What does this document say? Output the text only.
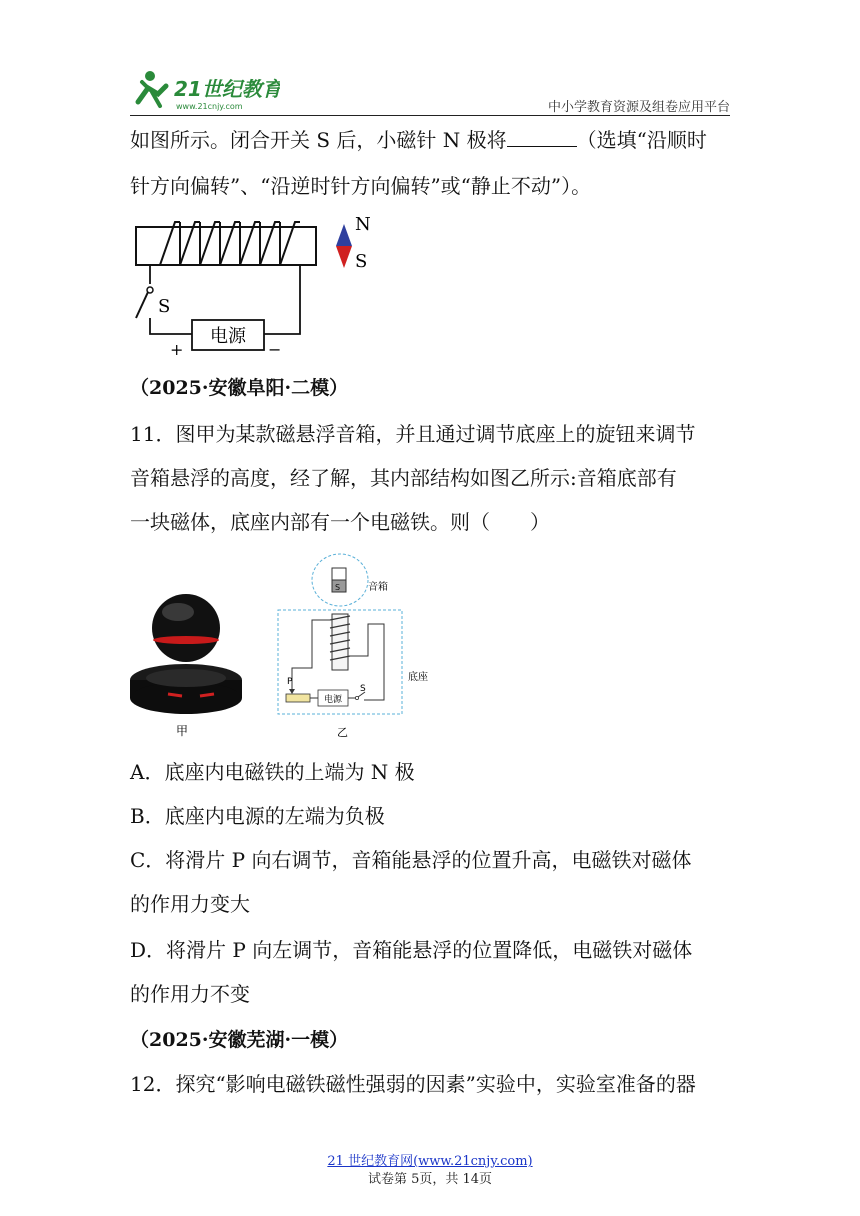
21世纪教育
www.21cnjy.com	中小学教育资源及组卷应用平台
如图所示。闭合开关 S 后，小磁针 N 极将	（选填“沿顺时
针方向偏转”、“沿逆时针方向偏转”或“静止不动”）。
电源
S
+	−
N
S
（2025·安徽阜阳·二模）
11．图甲为某款磁悬浮音箱，并且通过调节底座上的旋钮来调节
音箱悬浮的高度，经了解，其内部结构如图乙所示:音箱底部有
一块磁体，底座内部有一个电磁铁。则（　　）
甲
S	音箱
底座
P
电源
S
乙
A．底座内电磁铁的上端为 N 极
B．底座内电源的左端为负极
C．将滑片 P 向右调节，音箱能悬浮的位置升高，电磁铁对磁体
的作用力变大
D．将滑片 P 向左调节，音箱能悬浮的位置降低，电磁铁对磁体
的作用力不变
（2025·安徽芜湖·一模）
12．探究“影响电磁铁磁性强弱的因素”实验中，实验室准备的器
21 世纪教育网(www.21cnjy.com)
试卷第 5页，共 14页
